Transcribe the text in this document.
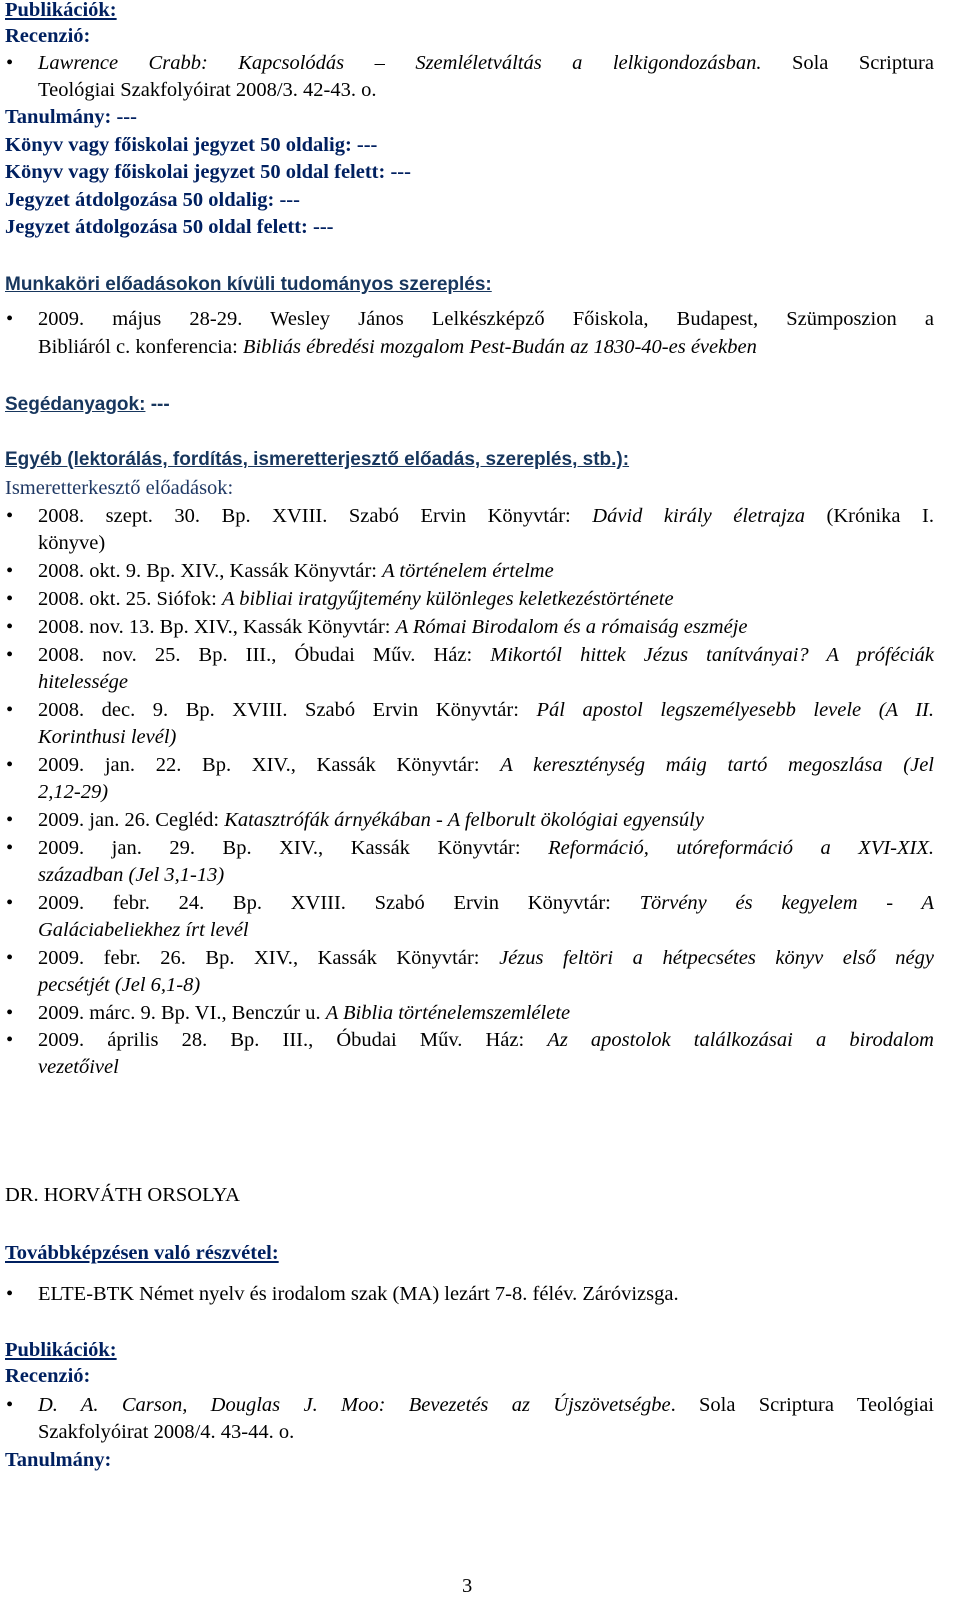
Publikációk:
Recenzió:
•
Lawrence Crabb: Kapcsolódás – Szemléletváltás a lelkigondozásban. Sola Scriptura
Teológiai Szakfolyóirat 2008/3. 42-43. o.
Tanulmány: ---
Könyv vagy főiskolai jegyzet 50 oldalig: ---
Könyv vagy főiskolai jegyzet 50 oldal felett: ---
Jegyzet átdolgozása 50 oldalig: ---
Jegyzet átdolgozása 50 oldal felett: ---
Munkaköri előadásokon kívüli tudományos szereplés:
•
2009. május 28-29. Wesley János Lelkészképző Főiskola, Budapest, Szümposzion a
Bibliáról c. konferencia: Bibliás ébredési mozgalom Pest-Budán az 1830-40-es években
Segédanyagok: ---
Egyéb (lektorálás, fordítás, ismeretterjesztő előadás, szereplés, stb.):
Ismeretterkesztő előadások:
•
2008. szept. 30. Bp. XVIII. Szabó Ervin Könyvtár: Dávid király életrajza (Krónika I.
könyve)
•
2008. okt. 9. Bp. XIV., Kassák Könyvtár: A történelem értelme
•
2008. okt. 25. Siófok: A bibliai iratgyűjtemény különleges keletkezéstörténete
•
2008. nov. 13. Bp. XIV., Kassák Könyvtár: A Római Birodalom és a rómaiság eszméje
•
2008. nov. 25. Bp. III., Óbudai Műv. Ház: Mikortól hittek Jézus tanítványai? A próféciák
hitelessége
•
2008. dec. 9. Bp. XVIII. Szabó Ervin Könyvtár: Pál apostol legszemélyesebb levele (A II.
Korinthusi levél)
•
2009. jan. 22. Bp. XIV., Kassák Könyvtár: A kereszténység máig tartó megoszlása (Jel
2,12-29)
•
2009. jan. 26. Cegléd: Katasztrófák árnyékában - A felborult ökológiai egyensúly
•
2009. jan. 29. Bp. XIV., Kassák Könyvtár: Reformáció, utóreformáció a XVI-XIX.
században (Jel 3,1-13)
•
2009. febr. 24. Bp. XVIII. Szabó Ervin Könyvtár: Törvény és kegyelem - A
Galáciabeliekhez írt levél
•
2009. febr. 26. Bp. XIV., Kassák Könyvtár: Jézus feltöri a hétpecsétes könyv első négy
pecsétjét (Jel 6,1-8)
•
2009. márc. 9. Bp. VI., Benczúr u. A Biblia történelemszemlélete
•
2009. április 28. Bp. III., Óbudai Műv. Ház: Az apostolok találkozásai a birodalom
vezetőivel
DR. HORVÁTH ORSOLYA
Továbbképzésen való részvétel:
•
ELTE-BTK Német nyelv és irodalom szak (MA) lezárt 7-8. félév. Záróvizsga.
Publikációk:
Recenzió:
•
D. A. Carson, Douglas J. Moo: Bevezetés az Újszövetségbe. Sola Scriptura Teológiai
Szakfolyóirat 2008/4. 43-44. o.
Tanulmány:
3
